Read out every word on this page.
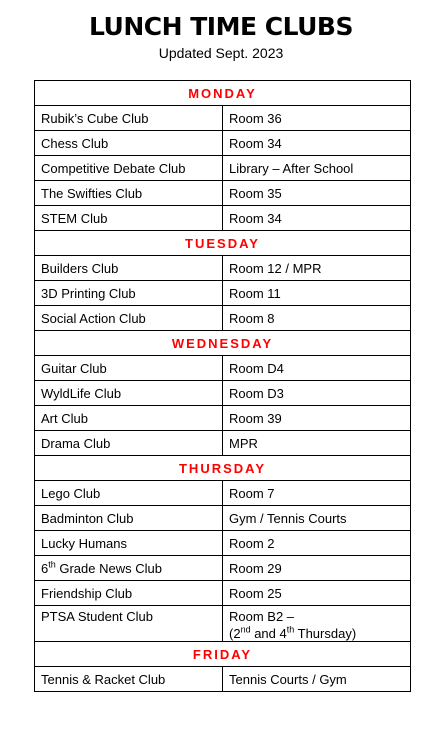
LUNCH TIME CLUBS
Updated Sept. 2023
MONDAY	
Rubik’s Cube Club	Room 36
Chess Club	Room 34
Competitive Debate Club	Library – After School
The Swifties Club	Room 35
STEM Club	Room 34
TUESDAY	
Builders Club	Room 12 / MPR
3D Printing Club	Room 11
Social Action Club	Room 8
WEDNESDAY	
Guitar Club	Room D4
WyldLife Club	Room D3
Art Club	Room 39
Drama Club	MPR
THURSDAY	
Lego Club	Room 7
Badminton Club	Gym / Tennis Courts
Lucky Humans	Room 2
6th Grade News Club	Room 29
Friendship Club	Room 25
PTSA Student Club	Room B2 –
(2nd and 4th Thursday)

FRIDAY	
Tennis & Racket Club	Tennis Courts / Gym
